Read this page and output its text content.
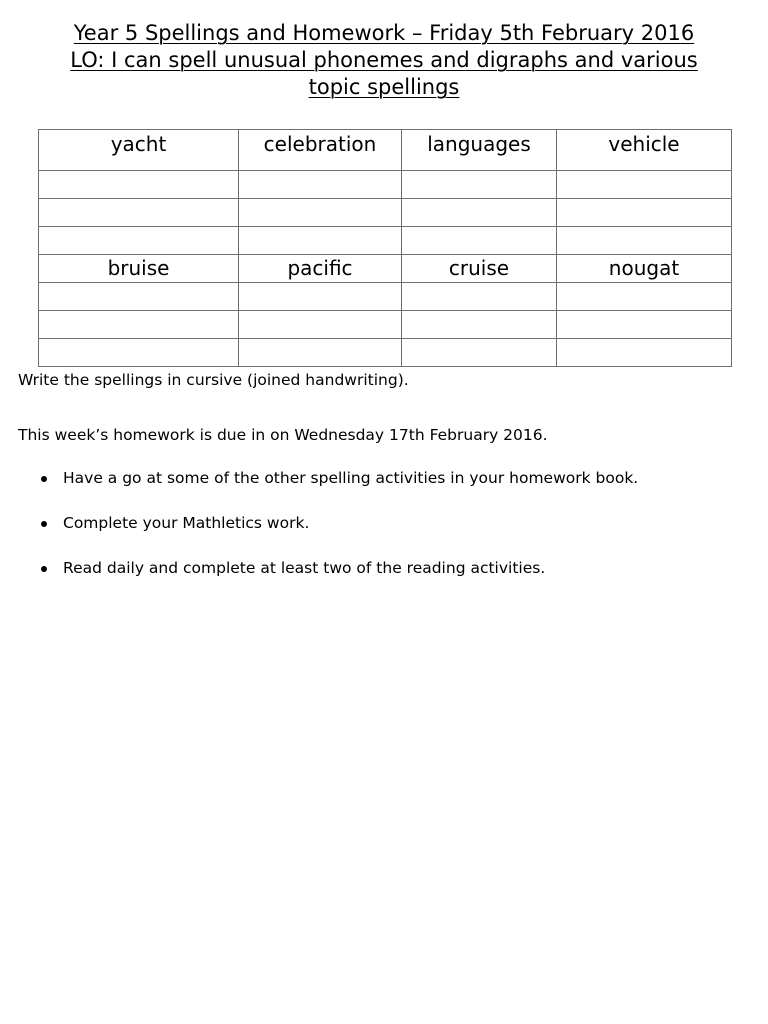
Year 5 Spellings and Homework – Friday 5th February 2016
LO: I can spell unusual phonemes and digraphs and various
topic spellings
yacht	celebration	languages	vehicle

bruise	pacific	cruise	nougat

Write the spellings in cursive (joined handwriting).
This week’s homework is due in on Wednesday 17th February 2016.
Have a go at some of the other spelling activities in your homework book.
Complete your Mathletics work.
Read daily and complete at least two of the reading activities.
